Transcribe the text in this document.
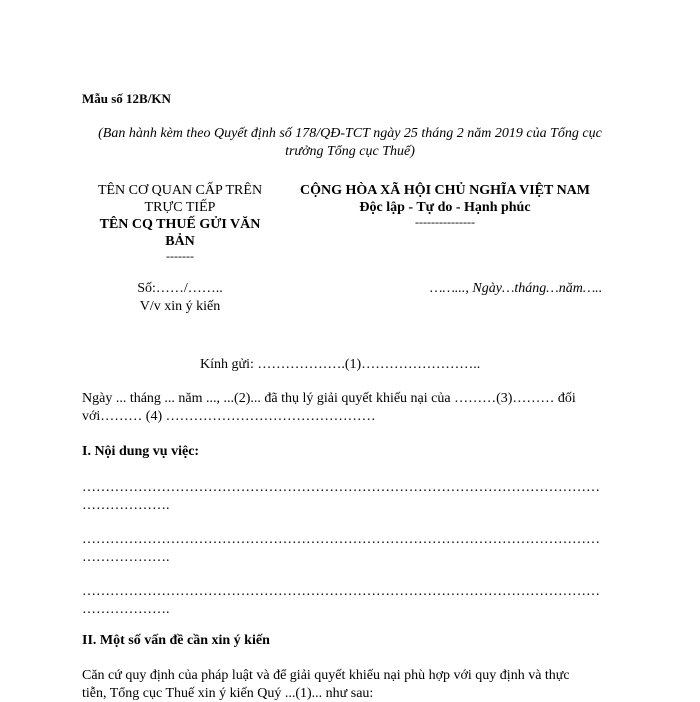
Mẫu số 12B/KN
(Ban hành kèm theo Quyết định số 178/QĐ-TCT ngày 25 tháng 2 năm 2019 của Tổng cục
trưởng Tổng cục Thuế)
TÊN CƠ QUAN CẤP TRÊN
TRỰC TIẾP
TÊN CQ THUẾ GỬI VĂN
BẢN
-------
CỘNG HÒA XÃ HỘI CHỦ NGHĨA VIỆT NAM
Độc lập - Tự do - Hạnh phúc
---------------
Số:……/……..
V/v xin ý kiến
……..., Ngày…tháng…năm…..
Kính gửi: ……………….(1)……………………..
Ngày ... tháng ... năm ..., ...(2)... đã thụ lý giải quyết khiếu nại của ………(3)……… đối
với……… (4) ………………………………………
I. Nội dung vụ việc:
…………………………………………………………………………………………………
……………….
…………………………………………………………………………………………………
……………….
…………………………………………………………………………………………………
……………….
II. Một số vấn đề cần xin ý kiến
Căn cứ quy định của pháp luật và để giải quyết khiếu nại phù hợp với quy định và thực
tiễn, Tổng cục Thuế xin ý kiến Quý ...(1)... như sau:
